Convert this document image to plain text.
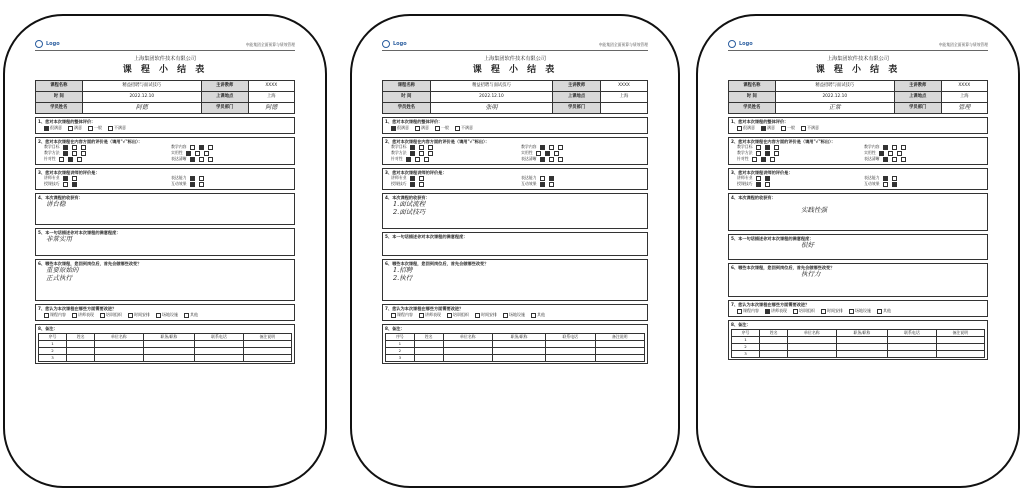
Logo	中能集团全面预算与绩效管理
上海集团软件技术有限公司
课 程 小 结 表
课程名称	精益招聘与面试技巧	主讲教师	XXXX
时 间	2022.12.10	上课地点	上海
学员姓名	阿德	学员部门	阿德
1、您对本次课程的整体评价：
很满意	满意	一般	不满意
2、您对本次课程在内容方面的评价是（请用"√"标出）：
教学目标	教学内容
教学方法	实用性
针对性	表达清晰
3、您对本次课程讲师的评价是：
讲师专业	表达能力
授课技巧	互动效果
4、本次课程的收获有：
讲台稳
5、本一句话描述你对本次课程的满意程度：
非常实用
6、哪些本次课程，您回到岗位后，首先会做哪些改变？
重要原始的
正式执行
7、您认为本次课程在哪些方面需要改进？
课程内容	讲师表现	培训组织	时间安排	场地设施	其他
8、备注：
序号	姓名	单位名称	职务/职称	联系电话	备注说明
1					
2					
3					
Logo	中能集团全面预算与绩效管理
上海集团软件技术有限公司
课 程 小 结 表
课程名称	精益招聘与面试技巧	主讲教师	XXXX
时 间	2022.12.10	上课地点	上海
学员姓名	张明	学员部门	
1、您对本次课程的整体评价：
很满意	满意	一般	不满意
2、您对本次课程在内容方面的评价是（请用"√"标出）：
教学目标	教学内容
教学方法	实用性
针对性	表达清晰
3、您对本次课程讲师的评价是：
讲师专业	表达能力
授课技巧	互动效果
4、本次课程的收获有：
1.面试流程
2.面试技巧
5、本一句话描述你对本次课程的满意程度：
6、哪些本次课程，您回到岗位后，首先会做哪些改变？
1.招聘
2.执行
7、您认为本次课程在哪些方面需要改进？
课程内容	讲师表现	培训组织	时间安排	场地设施	其他
8、备注：
序号	姓名	单位名称	职务/职称	联系电话	备注说明
1					
2					
3					
Logo	中能集团全面预算与绩效管理
上海集团软件技术有限公司
课 程 小 结 表
课程名称	精益招聘与面试技巧	主讲教师	XXXX
时 间	2022.12.10	上课地点	上海
学员姓名	正常	学员部门	管理
1、您对本次课程的整体评价：
很满意	满意	一般	不满意
2、您对本次课程在内容方面的评价是（请用"√"标出）：
教学目标	教学内容
教学方法	实用性
针对性	表达清晰
3、您对本次课程讲师的评价是：
讲师专业	表达能力
授课技巧	互动效果
4、本次课程的收获有：
实践性强
5、本一句话描述你对本次课程的满意程度：
很好
6、哪些本次课程，您回到岗位后，首先会做哪些改变？
执行力
7、您认为本次课程在哪些方面需要改进？
课程内容	讲师表现	培训组织	时间安排	场地设施	其他
8、备注：
序号	姓名	单位名称	职务/职称	联系电话	备注说明
1					
2					
3					
